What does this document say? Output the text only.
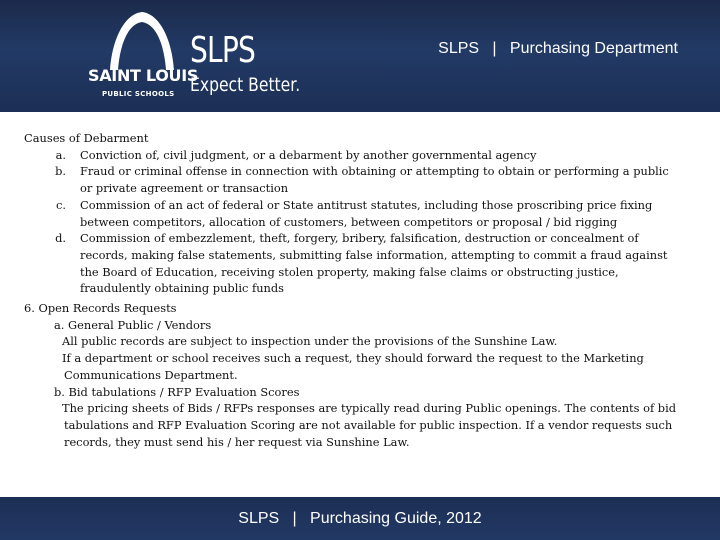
SAINT LOUIS
PUBLIC SCHOOLS
SLPS
Expect Better.
SLPS   |   Purchasing Department

Causes of Debarment

a. Conviction of, civil judgment, or a debarment by another governmental agency
b. Fraud or criminal offense in connection with obtaining or attempting to obtain or performing a public or private agreement or transaction
c. Commission of an act of federal or State antitrust statutes, including those proscribing price fixing between competitors, allocation of customers, between competitors or proposal / bid rigging
d. Commission of embezzlement, theft, forgery, bribery, falsification, destruction or concealment of records, making false statements, submitting false information, attempting to commit a fraud against the Board of Education, receiving stolen property, making false claims or obstructing justice, fraudulently obtaining public funds

6. Open Records Requests

a. General Public / Vendors

All public records are subject to inspection under the provisions of the Sunshine Law.

If a department or school receives such a request, they should forward the request to the Marketing Communications Department.

b. Bid tabulations / RFP Evaluation Scores

The pricing sheets of Bids / RFPs responses are typically read during Public openings. The contents of bid tabulations and RFP Evaluation Scoring are not available for public inspection. If a vendor requests such records, they must send his / her request via Sunshine Law.

SLPS   |   Purchasing Guide, 2012
